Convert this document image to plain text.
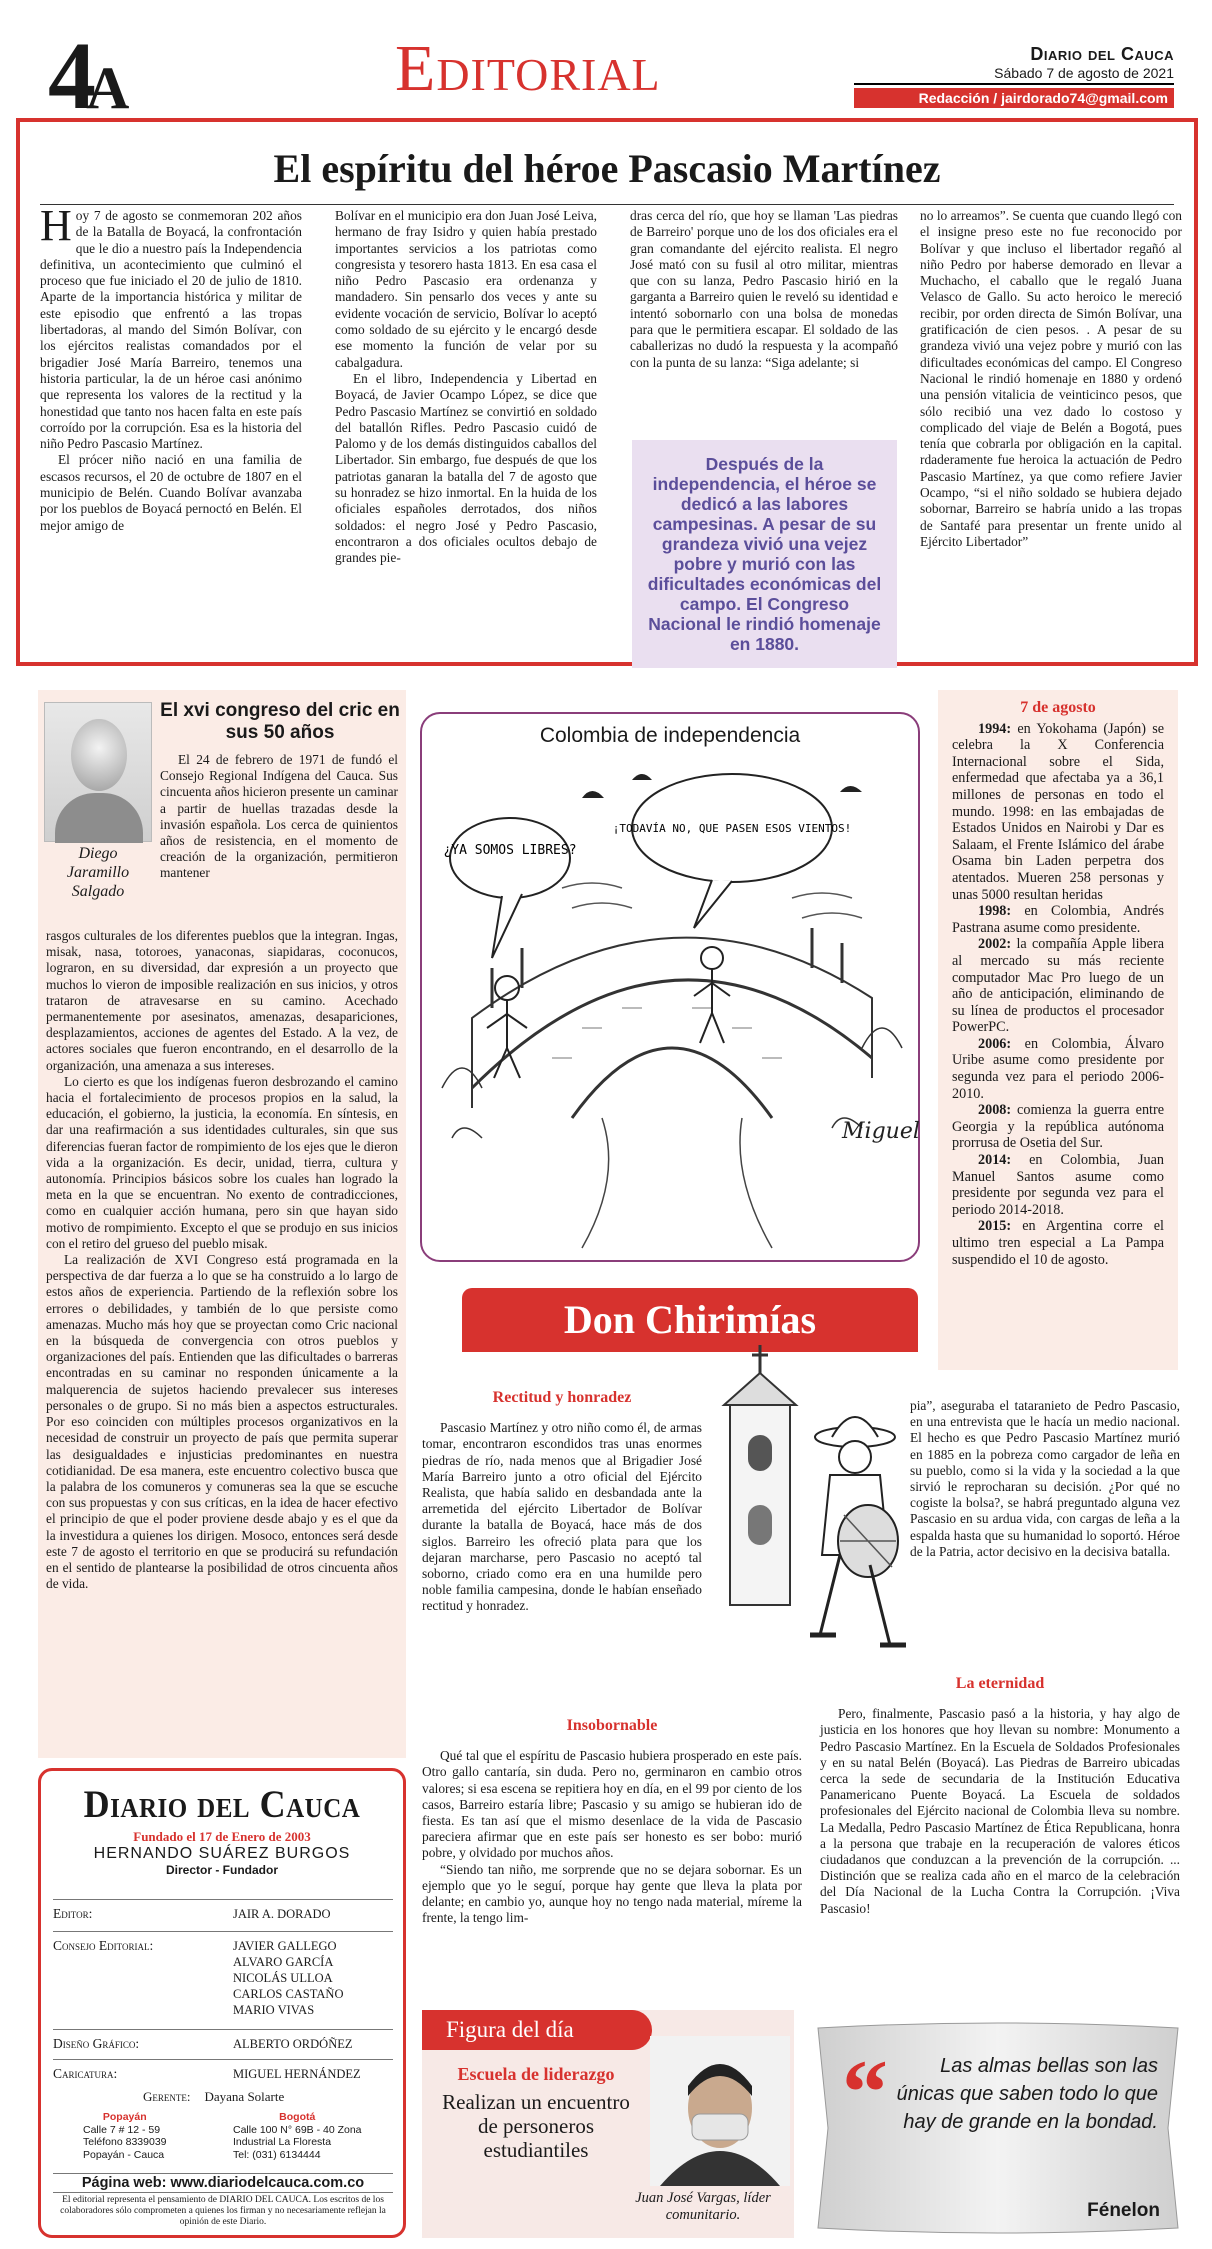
4A	Editorial	Diario del Cauca
Sábado 7 de agosto de 2021
Redacción / jairdorado74@gmail.com
El espíritu del héroe Pascasio Martínez

Hoy 7 de agosto se conmemoran 202 años de la Batalla de Boyacá, la confrontación que le dio a nuestro país la Independencia definitiva, un acontecimiento que culminó el proceso que fue iniciado el 20 de julio de 1810. Aparte de la importancia histórica y militar de este episodio que enfrentó a las tropas libertadoras, al mando del Simón Bolívar, con los ejércitos realistas comandados por el brigadier José María Barreiro, tenemos una historia particular, la de un héroe casi anónimo que representa los valores de la rectitud y la honestidad que tanto nos hacen falta en este país corroído por la corrupción. Esa es la historia del niño Pedro Pascasio Martínez.

El prócer niño nació en una familia de escasos recursos, el 20 de octubre de 1807 en el municipio de Belén. Cuando Bolívar avanzaba por los pueblos de Boyacá pernoctó en Belén. El mejor amigo de

Bolívar en el municipio era don Juan José Leiva, hermano de fray Isidro y quien había prestado importantes servicios a los patriotas como congresista y tesorero hasta 1813. En esa casa el niño Pedro Pascasio era ordenanza y mandadero. Sin pensarlo dos veces y ante su evidente vocación de servicio, Bolívar lo aceptó como soldado de su ejército y le encargó desde ese momento la función de velar por su cabalgadura.

En el libro, Independencia y Libertad en Boyacá, de Javier Ocampo López, se dice que Pedro Pascasio Martínez se convirtió en soldado del batallón Rifles. Pedro Pascasio cuidó de Palomo y de los demás distinguidos caballos del Libertador. Sin embargo, fue después de que los patriotas ganaran la batalla del 7 de agosto que su honradez se hizo inmortal. En la huida de los oficiales españoles derrotados, dos niños soldados: el negro José y Pedro Pascasio, encontraron a dos oficiales ocultos debajo de grandes pie-

dras cerca del río, que hoy se llaman 'Las piedras de Barreiro' porque uno de los dos oficiales era el gran comandante del ejército realista. El negro José mató con su fusil al otro militar, mientras que con su lanza, Pedro Pascasio hirió en la garganta a Barreiro quien le reveló su identidad e intentó sobornarlo con una bolsa de monedas para que le permitiera escapar. El soldado de las caballerizas no dudó la respuesta y la acompañó con la punta de su lanza: “Siga adelante; si

Después de la independencia, el héroe se dedicó a las labores campesinas. A pesar de su grandeza vivió una vejez pobre y murió con las dificultades económicas del campo. El Congreso Nacional le rindió homenaje en 1880.

no lo arreamos”. Se cuenta que cuando llegó con el insigne preso este no fue reconocido por Bolívar y que incluso el libertador regañó al niño Pedro por haberse demorado en llevar a Muchacho, el caballo que le regaló Juana Velasco de Gallo. Su acto heroico le mereció recibir, por orden directa de Simón Bolívar, una gratificación de cien pesos. . A pesar de su grandeza vivió una vejez pobre y murió con las dificultades económicas del campo. El Congreso Nacional le rindió homenaje en 1880 y ordenó una pensión vitalicia de veinticinco pesos, que sólo recibió una vez dado lo costoso y complicado del viaje de Belén a Bogotá, pues tenía que cobrarla por obligación en la capital. rdaderamente fue heroica la actuación de Pedro Pascasio Martínez, ya que como refiere Javier Ocampo, “si el niño soldado se hubiera dejado sobornar, Barreiro se habría unido a las tropas de Santafé para presentar un frente unido al Ejército Libertador”

Diego Jaramillo Salgado
El xvi congreso del cric en sus 50 años

El 24 de febrero de 1971 de fundó el Consejo Regional Indígena del Cauca. Sus cincuenta años hicieron presente un caminar a partir de huellas trazadas desde la invasión española. Los cerca de quinientos años de resistencia, en el momento de creación de la organización, permitieron mantener

rasgos culturales de los diferentes pueblos que la integran. Ingas, misak, nasa, totoroes, yanaconas, siapidaras, coconucos, lograron, en su diversidad, dar expresión a un proyecto que muchos lo vieron de imposible realización en sus inicios, y otros trataron de atravesarse en su camino. Acechado permanentemente por asesinatos, amenazas, desapariciones, desplazamientos, acciones de agentes del Estado. A la vez, de actores sociales que fueron encontrando, en el desarrollo de la organización, una amenaza a sus intereses.

Lo cierto es que los indígenas fueron desbrozando el camino hacia el fortalecimiento de procesos propios en la salud, la educación, el gobierno, la justicia, la economía. En síntesis, en dar una reafirmación a sus identidades culturales, sin que sus diferencias fueran factor de rompimiento de los ejes que le dieron vida a la organización. Es decir, unidad, tierra, cultura y autonomía. Principios básicos sobre los cuales han logrado la meta en la que se encuentran. No exento de contradicciones, como en cualquier acción humana, pero sin que hayan sido motivo de rompimiento. Excepto el que se produjo en sus inicios con el retiro del grueso del pueblo misak.

La realización de XVI Congreso está programada en la perspectiva de dar fuerza a lo que se ha construido a lo largo de estos años de experiencia. Partiendo de la reflexión sobre los errores o debilidades, y también de lo que persiste como amenazas. Mucho más hoy que se proyectan como Cric nacional en la búsqueda de convergencia con otros pueblos y organizaciones del país. Entienden que las dificultades o barreras encontradas en su caminar no responden únicamente a la malquerencia de sujetos haciendo prevalecer sus intereses personales o de grupo. Si no más bien a aspectos estructurales. Por eso coinciden con múltiples procesos organizativos en la necesidad de construir un proyecto de país que permita superar las desigualdades e injusticias predominantes en nuestra cotidianidad. De esa manera, este encuentro colectivo busca que la palabra de los comuneros y comuneras sea la que se escuche con sus propuestas y con sus críticas, en la idea de hacer efectivo el principio de que el poder proviene desde abajo y es el que da la investidura a quienes los dirigen. Mosoco, entonces será desde este 7 de agosto el territorio en que se producirá su refundación en el sentido de plantearse la posibilidad de otros cincuenta años de vida.

Diario del Cauca
Fundado el 17 de Enero de 2003
HERNANDO SUÁREZ BURGOS
Director - Fundador
Editor:	JAIR A. DORADO
Consejo Editorial:	JAVIER GALLEGO
ALVARO GARCÍA
NICOLÁS ULLOA
CARLOS CASTAÑO
MARIO VIVAS
Diseño Gráfico:	ALBERTO ORDÓÑEZ
Caricatura:	MIGUEL HERNÁNDEZ
Gerente: Dayana Solarte
Popayán
Calle 7 # 12 - 59
Teléfono 8339039
Popayán - Cauca
Bogotá
Calle 100 N° 69B - 40 Zona
Industrial La Floresta
Tel: (031) 6134444
Página web: www.diariodelcauca.com.co
El editorial representa el pensamiento de DIARIO DEL CAUCA. Los escritos de los colaboradores sólo comprometen a quienes los firman y no necesariamente reflejan la opinión de este Diario.
Colombia de independencia
¿YA SOMOS LIBRES?
¡TODAVÍA NO, QUE PASEN ESOS VIENTOS!
Miguel
7 de agosto

1994: en Yokohama (Japón) se celebra la X Conferencia Internacional sobre el Sida, enfermedad que afectaba ya a 36,1 millones de personas en todo el mundo. 1998: en las embajadas de Estados Unidos en Nairobi y Dar es Salaam, el Frente Islámico del árabe Osama bin Laden perpetra dos atentados. Mueren 258 personas y unas 5000 resultan heridas

1998: en Colombia, Andrés Pastrana asume como presidente.

2002: la compañía Apple libera al mercado su más reciente computador Mac Pro luego de un año de anticipación, eliminando de su línea de productos el procesador PowerPC.

2006: en Colombia, Álvaro Uribe asume como presidente por segunda vez para el periodo 2006-2010.

2008: comienza la guerra entre Georgia y la república autónoma prorrusa de Osetia del Sur.

2014: en Colombia, Juan Manuel Santos asume como presidente por segunda vez para el periodo 2014-2018.

2015: en Argentina corre el ultimo tren especial a La Pampa suspendido el 10 de agosto.

Don Chirimías
Rectitud y honradez

Pascasio Martínez y otro niño como él, de armas tomar, encontraron escondidos tras unas enormes piedras de río, nada menos que al Brigadier José María Barreiro junto a otro oficial del Ejército Realista, que había salido en desbandada ante la arremetida del ejército Libertador de Bolívar durante la batalla de Boyacá, hace más de dos siglos. Barreiro les ofreció plata para que los dejaran marcharse, pero Pascasio no aceptó tal soborno, criado como era en una humilde pero noble familia campesina, donde le habían enseñado rectitud y honradez.

Insobornable

Qué tal que el espíritu de Pascasio hubiera prosperado en este país. Otro gallo cantaría, sin duda. Pero no, germinaron en cambio otros valores; si esa escena se repitiera hoy en día, en el 99 por ciento de los casos, Barreiro estaría libre; Pascasio y su amigo se hubieran ido de fiesta. Es tan así que el mismo desenlace de la vida de Pascasio pareciera afirmar que en este país ser honesto es ser bobo: murió pobre, y olvidado por muchos años.

“Siendo tan niño, me sorprende que no se dejara sobornar. Es un ejemplo que yo le seguí, porque hay gente que lleva la plata por delante; en cambio yo, aunque hoy no tengo nada material, míreme la frente, la tengo lim-

pia”, aseguraba el tataranieto de Pedro Pascasio, en una entrevista que le hacía un medio nacional. El hecho es que Pedro Pascasio Martínez murió en 1885 en la pobreza como cargador de leña en su pueblo, como si la vida y la sociedad a la que sirvió le reprocharan su decisión. ¿Por qué no cogiste la bolsa?, se habrá preguntado alguna vez Pascasio en su ardua vida, con cargas de leña a la espalda hasta que su humanidad lo soportó. Héroe de la Patria, actor decisivo en la decisiva batalla.

La eternidad

Pero, finalmente, Pascasio pasó a la historia, y hay algo de justicia en los honores que hoy llevan su nombre: Monumento a Pedro Pascasio Martínez. En la Escuela de Soldados Profesionales y en su natal Belén (Boyacá). Las Piedras de Barreiro ubicadas cerca la sede de secundaria de la Institución Educativa Panamericano Puente Boyacá. La Escuela de soldados profesionales del Ejército nacional de Colombia lleva su nombre. La Medalla, Pedro Pascasio Martínez de Ética Republicana, honra a la persona que trabaje en la recuperación de valores éticos ciudadanos que conduzcan a la prevención de la corrupción. ... Distinción que se realiza cada año en el marco de la celebración del Día Nacional de la Lucha Contra la Corrupción. ¡Viva Pascasio!

Figura del día
Escuela de liderazgo
Realizan un encuentro de personeros estudiantiles
Juan José Vargas, líder comunitario.
“	Las almas bellas son las únicas que saben todo lo que hay de grande en la bondad.
Fénelon
